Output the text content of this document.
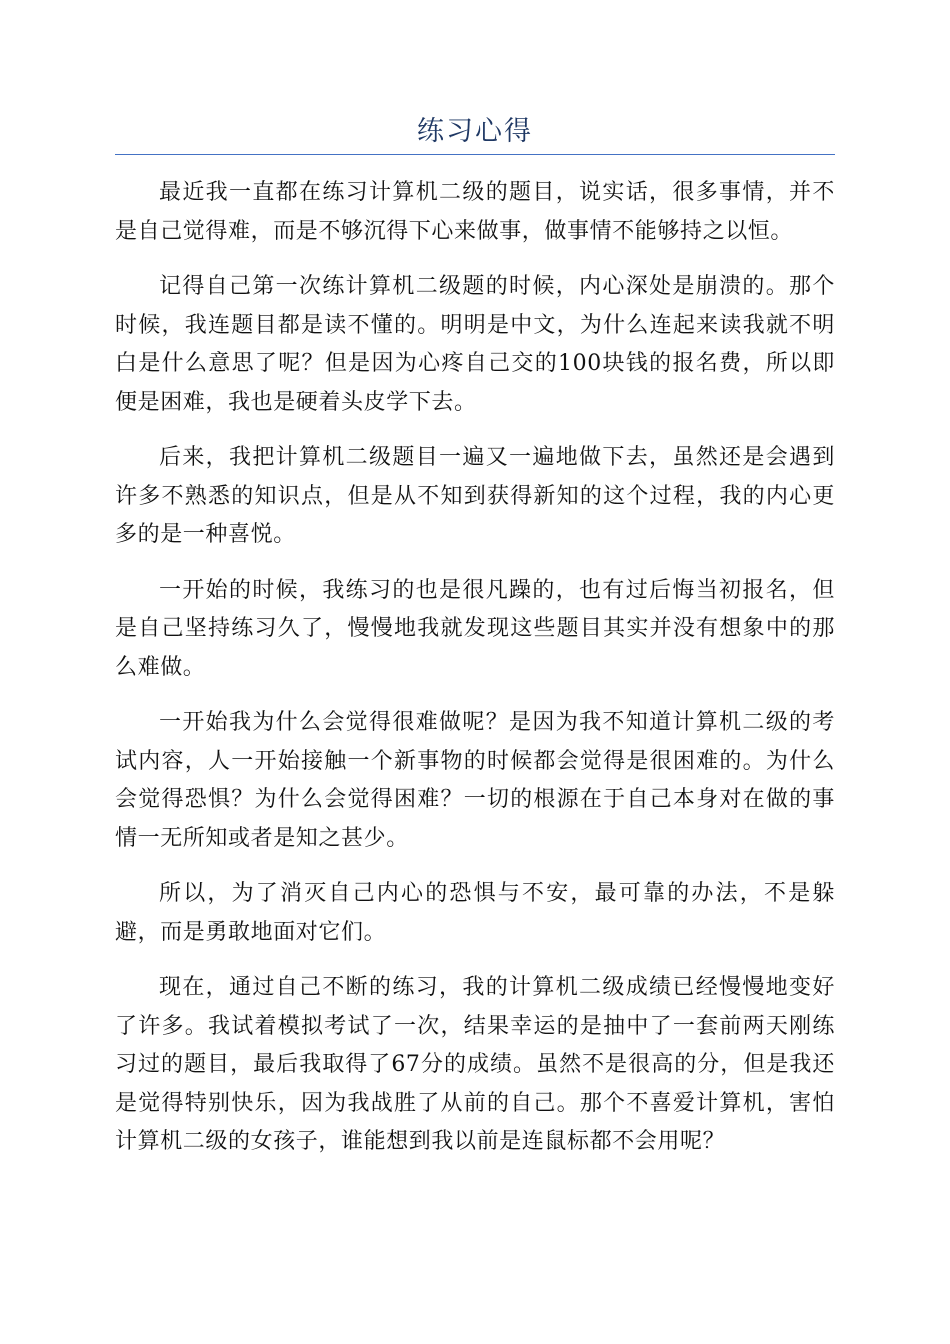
练习心得

最近我一直都在练习计算机二级的题目，说实话，很多事情，并不是自己觉得难，而是不够沉得下心来做事，做事情不能够持之以恒。

记得自己第一次练计算机二级题的时候，内心深处是崩溃的。那个时候，我连题目都是读不懂的。明明是中文，为什么连起来读我就不明白是什么意思了呢？但是因为心疼自己交的100块钱的报名费，所以即便是困难，我也是硬着头皮学下去。

后来，我把计算机二级题目一遍又一遍地做下去，虽然还是会遇到许多不熟悉的知识点，但是从不知到获得新知的这个过程，我的内心更多的是一种喜悦。

一开始的时候，我练习的也是很凡躁的，也有过后悔当初报名，但是自己坚持练习久了，慢慢地我就发现这些题目其实并没有想象中的那么难做。

一开始我为什么会觉得很难做呢？是因为我不知道计算机二级的考试内容，人一开始接触一个新事物的时候都会觉得是很困难的。为什么会觉得恐惧？为什么会觉得困难？一切的根源在于自己本身对在做的事情一无所知或者是知之甚少。

所以，为了消灭自己内心的恐惧与不安，最可靠的办法，不是躲避，而是勇敢地面对它们。

现在，通过自己不断的练习，我的计算机二级成绩已经慢慢地变好了许多。我试着模拟考试了一次，结果幸运的是抽中了一套前两天刚练习过的题目，最后我取得了67分的成绩。虽然不是很高的分，但是我还是觉得特别快乐，因为我战胜了从前的自己。那个不喜爱计算机，害怕计算机二级的女孩子，谁能想到我以前是连鼠标都不会用呢？
